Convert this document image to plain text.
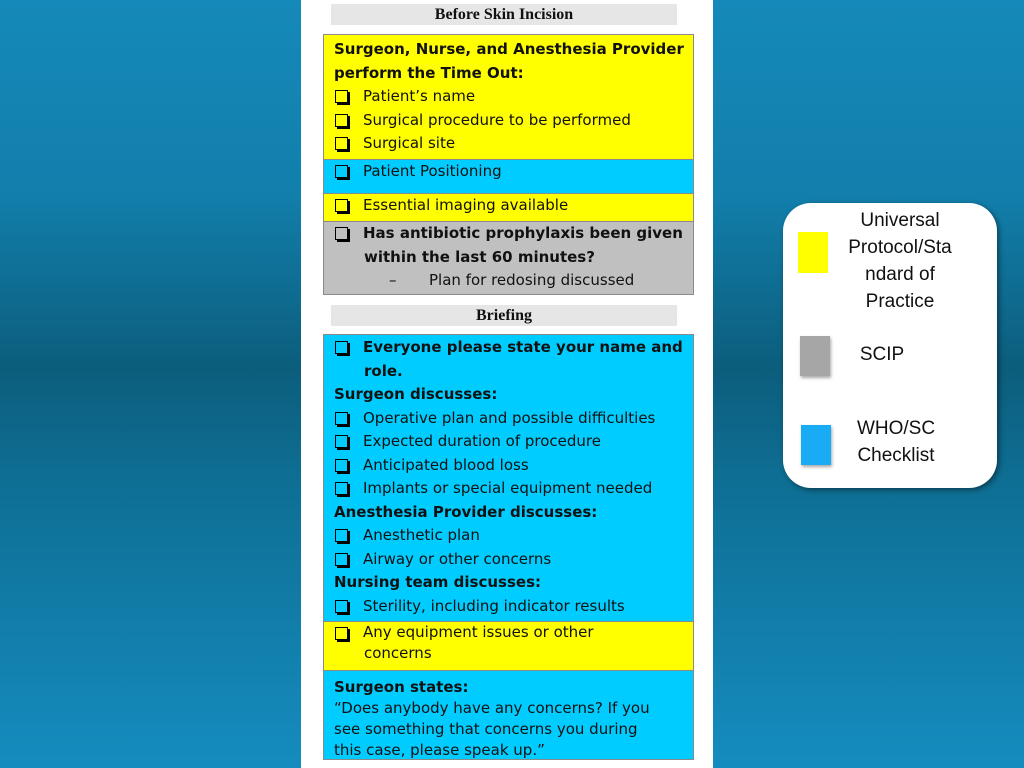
Before Skin Incision
Surgeon, Nurse, and Anesthesia Provider
perform the Time Out:
Patient’s name
Surgical procedure to be performed
Surgical site
Patient Positioning
Essential imaging available
Has antibiotic prophylaxis been given
within the last 60 minutes?
– Plan for redosing discussed
Briefing
Everyone please state your name and
role.
Surgeon discusses:
Operative plan and possible difficulties
Expected duration of procedure
Anticipated blood loss
Implants or special equipment needed
Anesthesia Provider discusses:
Anesthetic plan
Airway or other concerns
Nursing team discusses:
Sterility, including indicator results
Any equipment issues or other
concerns
Surgeon states:
“Does anybody have any concerns? If you
see something that concerns you during
this case, please speak up.”
Universal
Protocol/Sta
ndard of
Practice
SCIP
WHO/SC
Checklist
